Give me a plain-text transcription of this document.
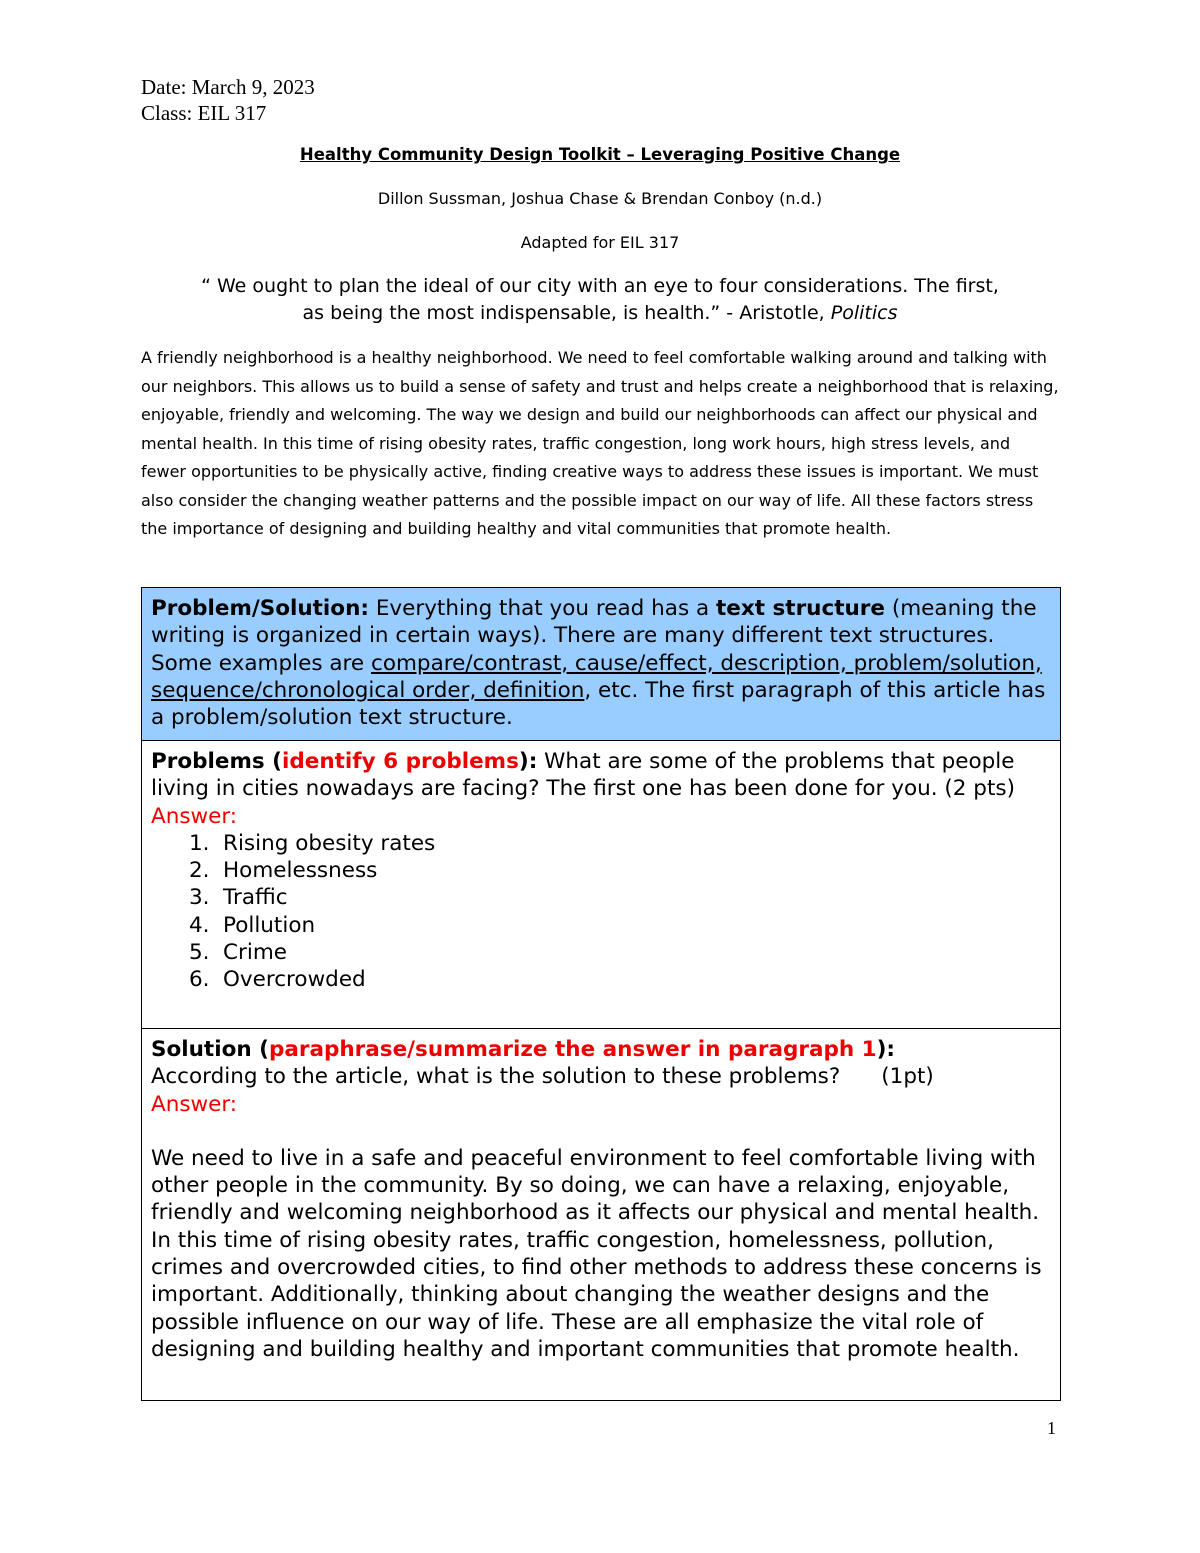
Date: March 9, 2023
Class: EIL 317
Healthy Community Design Toolkit – Leveraging Positive Change
Dillon Sussman, Joshua Chase & Brendan Conboy (n.d.)
Adapted for EIL 317
“ We ought to plan the ideal of our city with an eye to four considerations. The first,
as being the most indispensable, is health.” - Aristotle, Politics
A friendly neighborhood is a healthy neighborhood. We need to feel comfortable walking around and talking with our neighbors. This allows us to build a sense of safety and trust and helps create a neighborhood that is relaxing, enjoyable, friendly and welcoming. The way we design and build our neighborhoods can affect our physical and mental health. In this time of rising obesity rates, traffic congestion, long work hours, high stress levels, and fewer opportunities to be physically active, finding creative ways to address these issues is important. We must also consider the changing weather patterns and the possible impact on our way of life. All these factors stress the importance of designing and building healthy and vital communities that promote health.
Problem/Solution: Everything that you read has a text structure (meaning the writing is organized in certain ways). There are many different text structures. Some examples are compare/contrast, cause/effect, description, problem/solution, sequence/chronological order, definition, etc. The first paragraph of this article has a problem/solution text structure.
Problems (identify 6 problems): What are some of the problems that people living in cities nowadays are facing? The first one has been done for you. (2 pts)
Answer:
1. Rising obesity rates
2. Homelessness
3. Traffic
4. Pollution
5. Crime
6. Overcrowded
Solution (paraphrase/summarize the answer in paragraph 1):
According to the article, what is the solution to these problems?      (1pt)
Answer:
We need to live in a safe and peaceful environment to feel comfortable living with other people in the community. By so doing, we can have a relaxing, enjoyable, friendly and welcoming neighborhood as it affects our physical and mental health. In this time of rising obesity rates, traffic congestion, homelessness, pollution, crimes and overcrowded cities, to find other methods to address these concerns is important. Additionally, thinking about changing the weather designs and the possible influence on our way of life. These are all emphasize the vital role of designing and building healthy and important communities that promote health.
1
